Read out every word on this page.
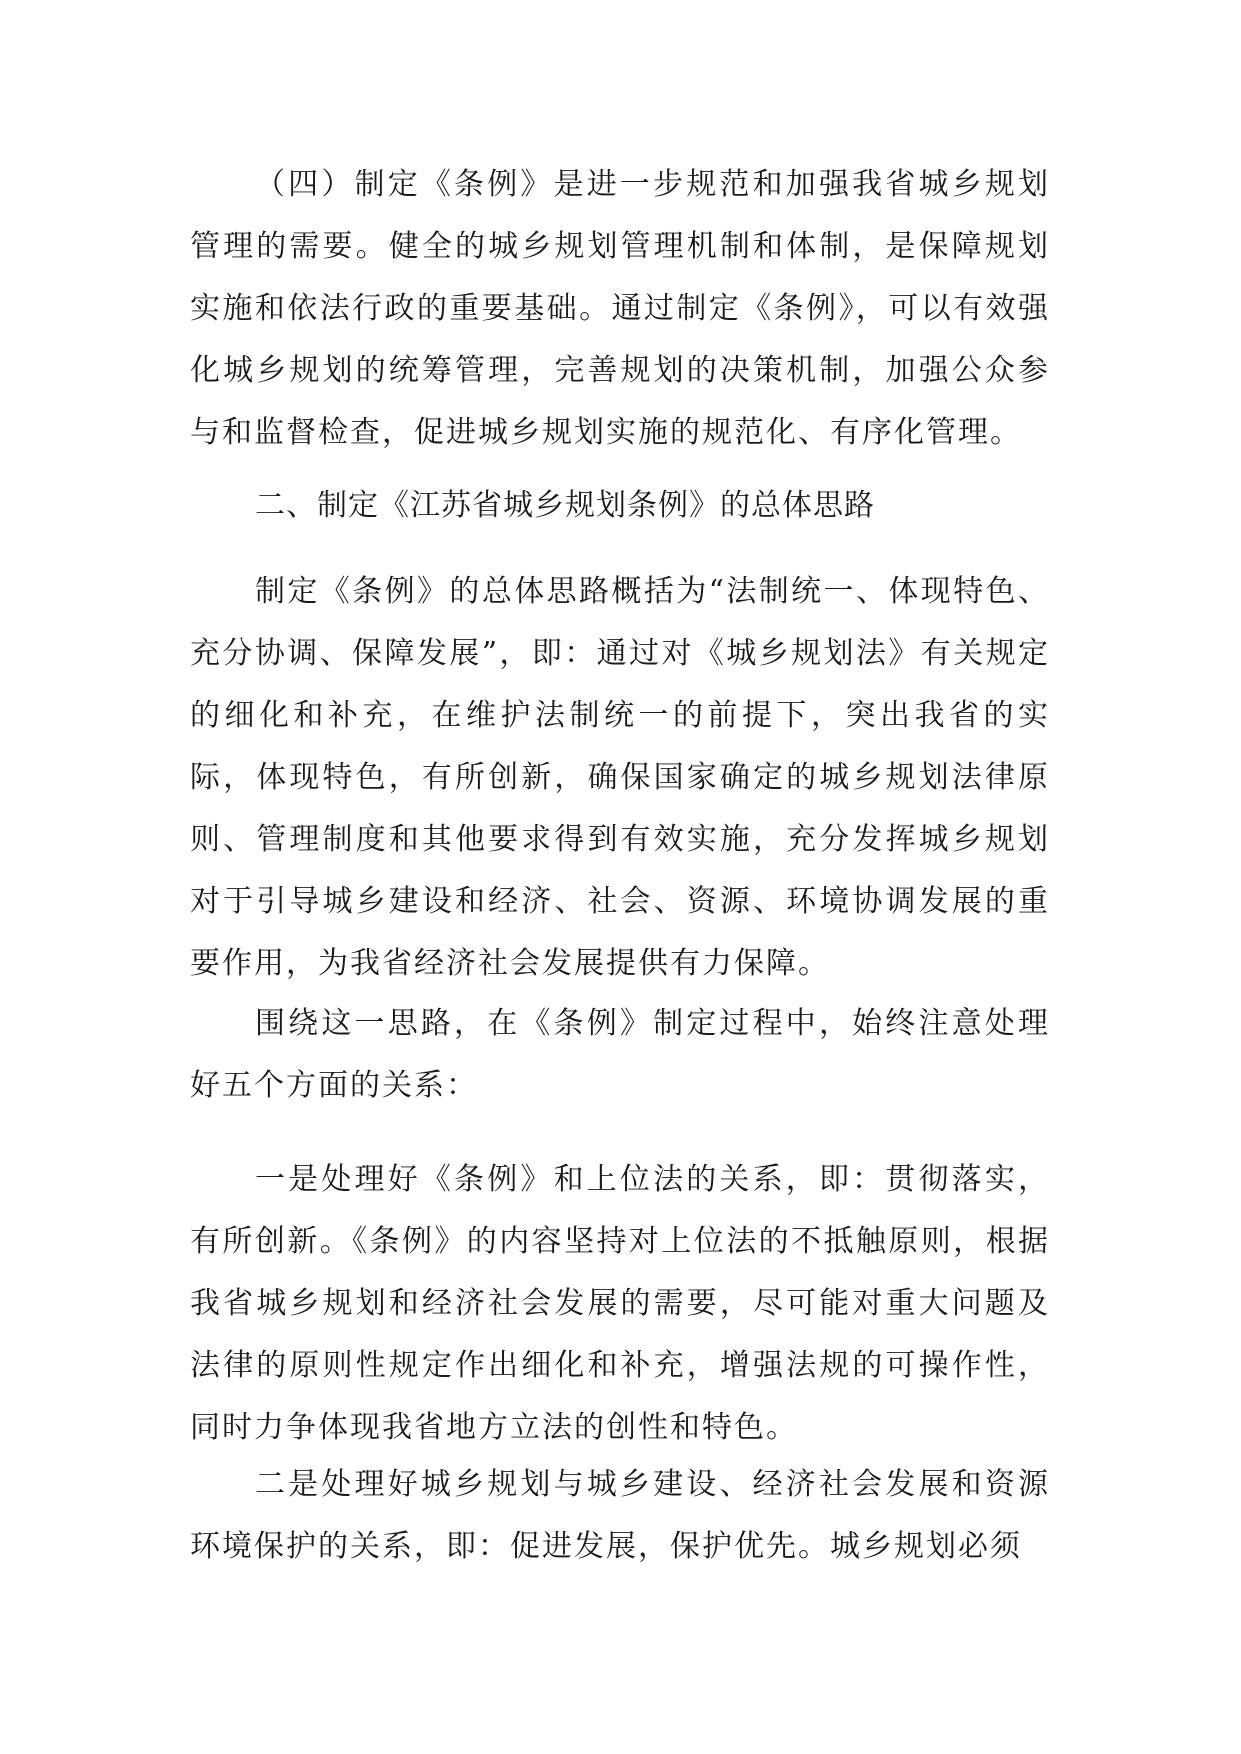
（四）制定《条例》是进一步规范和加强我省城乡规划管理的需要。健全的城乡规划管理机制和体制，是保障规划实施和依法行政的重要基础。通过制定《条例》，可以有效强化城乡规划的统筹管理，完善规划的决策机制，加强公众参与和监督检查，促进城乡规划实施的规范化、有序化管理。

二、制定《江苏省城乡规划条例》的总体思路

制定《条例》的总体思路概括为“法制统一、体现特色、充分协调、保障发展”，即：通过对《城乡规划法》有关规定的细化和补充，在维护法制统一的前提下，突出我省的实际，体现特色，有所创新，确保国家确定的城乡规划法律原则、管理制度和其他要求得到有效实施，充分发挥城乡规划对于引导城乡建设和经济、社会、资源、环境协调发展的重要作用，为我省经济社会发展提供有力保障。

围绕这一思路，在《条例》制定过程中，始终注意处理好五个方面的关系：

一是处理好《条例》和上位法的关系，即：贯彻落实，有所创新。《条例》的内容坚持对上位法的不抵触原则，根据我省城乡规划和经济社会发展的需要，尽可能对重大问题及法律的原则性规定作出细化和补充，增强法规的可操作性，同时力争体现我省地方立法的创性和特色。

二是处理好城乡规划与城乡建设、经济社会发展和资源环境保护的关系，即：促进发展，保护优先。城乡规划必须
